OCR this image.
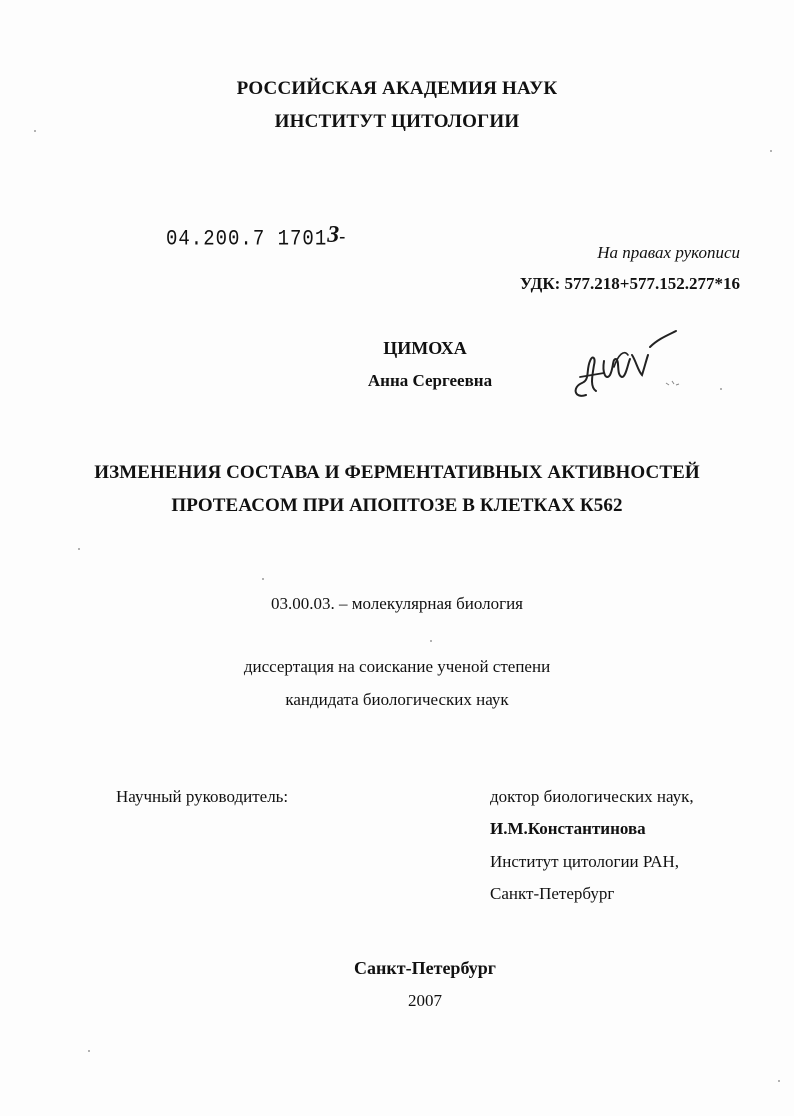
РОССИЙСКАЯ АКАДЕМИЯ НАУК
ИНСТИТУТ ЦИТОЛОГИИ
04.200.7 17013-
На правах рукописи
УДК: 577.218+577.152.277*16
ЦИМОХА
Анна Сергеевна
ИЗМЕНЕНИЯ СОСТАВА И ФЕРМЕНТАТИВНЫХ АКТИВНОСТЕЙ
ПРОТЕАСОМ ПРИ АПОПТОЗЕ В КЛЕТКАХ К562
03.00.03. – молекулярная биология
диссертация на соискание ученой степени
кандидата биологических наук
Научный руководитель:	доктор биологических наук,
И.М.Константинова
Институт цитологии РАН,
Санкт-Петербург
Санкт-Петербург
2007
